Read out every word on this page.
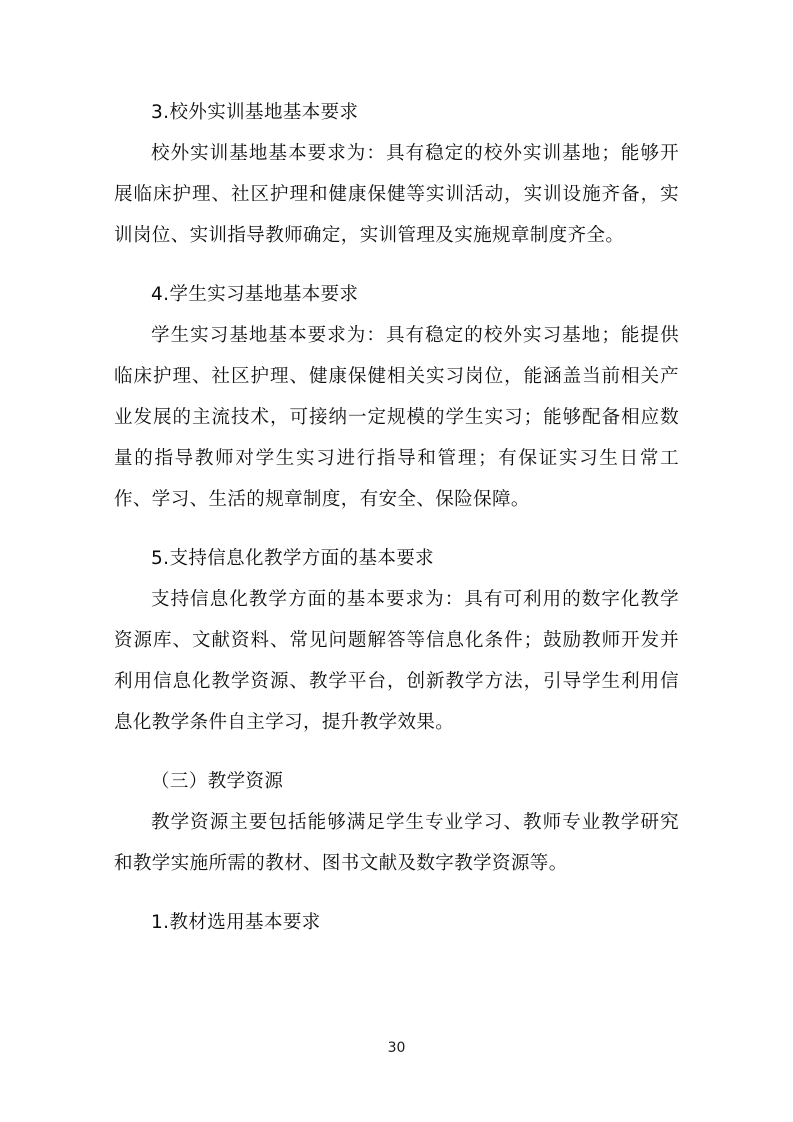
3.校外实训基地基本要求

校外实训基地基本要求为：具有稳定的校外实训基地；能够开展临床护理、社区护理和健康保健等实训活动，实训设施齐备，实训岗位、实训指导教师确定，实训管理及实施规章制度齐全。

4.学生实习基地基本要求

学生实习基地基本要求为：具有稳定的校外实习基地；能提供临床护理、社区护理、健康保健相关实习岗位，能涵盖当前相关产业发展的主流技术，可接纳一定规模的学生实习；能够配备相应数量的指导教师对学生实习进行指导和管理；有保证实习生日常工作、学习、生活的规章制度，有安全、保险保障。

5.支持信息化教学方面的基本要求

支持信息化教学方面的基本要求为：具有可利用的数字化教学资源库、文献资料、常见问题解答等信息化条件；鼓励教师开发并利用信息化教学资源、教学平台，创新教学方法，引导学生利用信息化教学条件自主学习，提升教学效果。

（三）教学资源

教学资源主要包括能够满足学生专业学习、教师专业教学研究和教学实施所需的教材、图书文献及数字教学资源等。

1.教材选用基本要求

30
